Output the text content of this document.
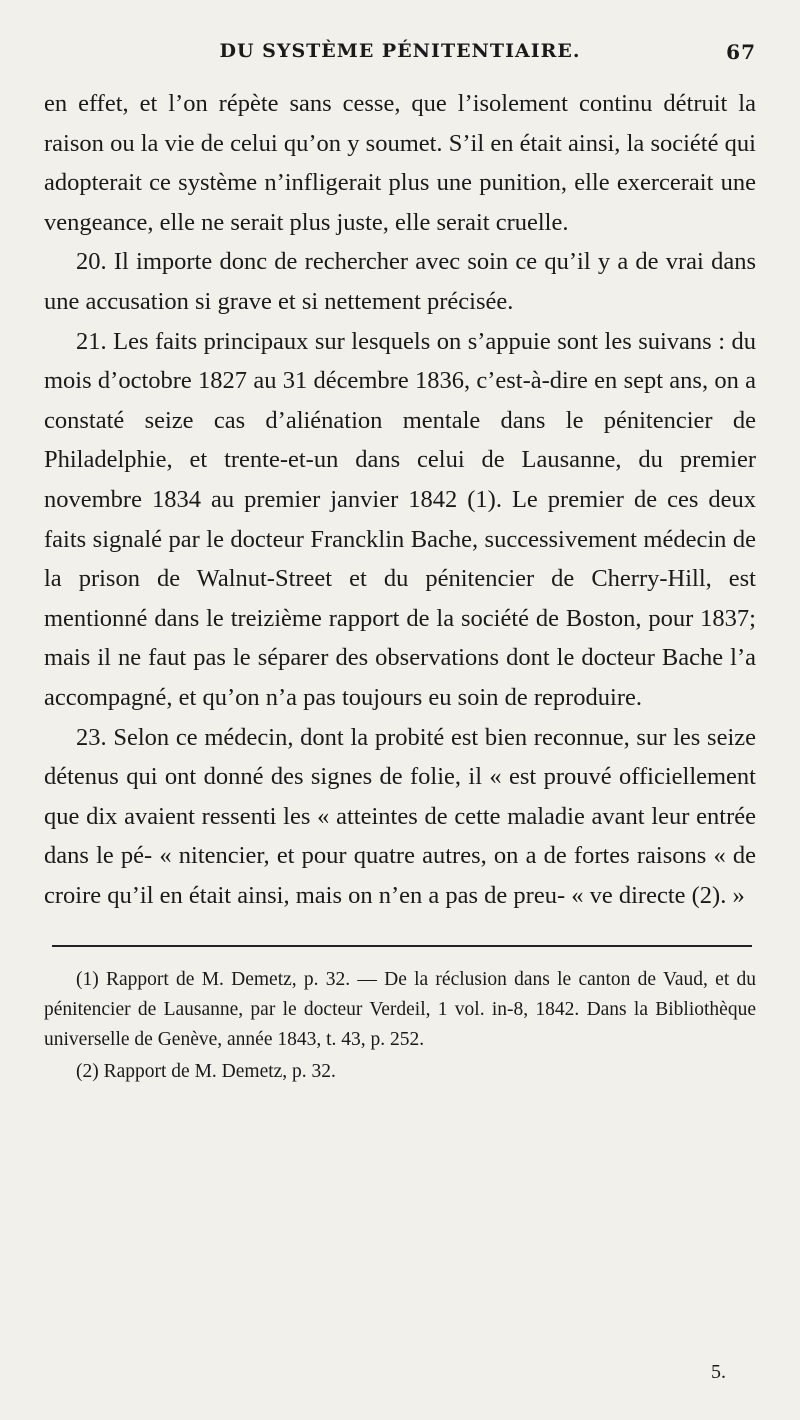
DU SYSTÈME PÉNITENTIAIRE.	67

en effet, et l’on répète sans cesse, que l’isolement continu détruit la raison ou la vie de celui qu’on y soumet. S’il en était ainsi, la société qui adopterait ce système n’infligerait plus une punition, elle exercerait une vengeance, elle ne serait plus juste, elle serait cruelle.

20. Il importe donc de rechercher avec soin ce qu’il y a de vrai dans une accusation si grave et si nettement précisée.

21. Les faits principaux sur lesquels on s’appuie sont les suivans : du mois d’octobre 1827 au 31 décembre 1836, c’est-à-dire en sept ans, on a constaté seize cas d’aliénation mentale dans le pénitencier de Philadelphie, et trente-et-un dans celui de Lausanne, du premier novembre 1834 au premier janvier 1842 (1). Le premier de ces deux faits signalé par le docteur Francklin Bache, successivement médecin de la prison de Walnut-Street et du pénitencier de Cherry-Hill, est mentionné dans le treizième rapport de la société de Boston, pour 1837; mais il ne faut pas le séparer des observations dont le docteur Bache l’a accompagné, et qu’on n’a pas toujours eu soin de reproduire.

23. Selon ce médecin, dont la probité est bien reconnue, sur les seize détenus qui ont donné des signes de folie, il « est prouvé officiellement que dix avaient ressenti les « atteintes de cette maladie avant leur entrée dans le pé- « nitencier, et pour quatre autres, on a de fortes raisons « de croire qu’il en était ainsi, mais on n’en a pas de preu- « ve directe (2). »

(1) Rapport de M. Demetz, p. 32. — De la réclusion dans le canton de Vaud, et du pénitencier de Lausanne, par le docteur Verdeil, 1 vol. in-8, 1842. Dans la Bibliothèque universelle de Genève, année 1843, t. 43, p. 252.

(2) Rapport de M. Demetz, p. 32.

5.
